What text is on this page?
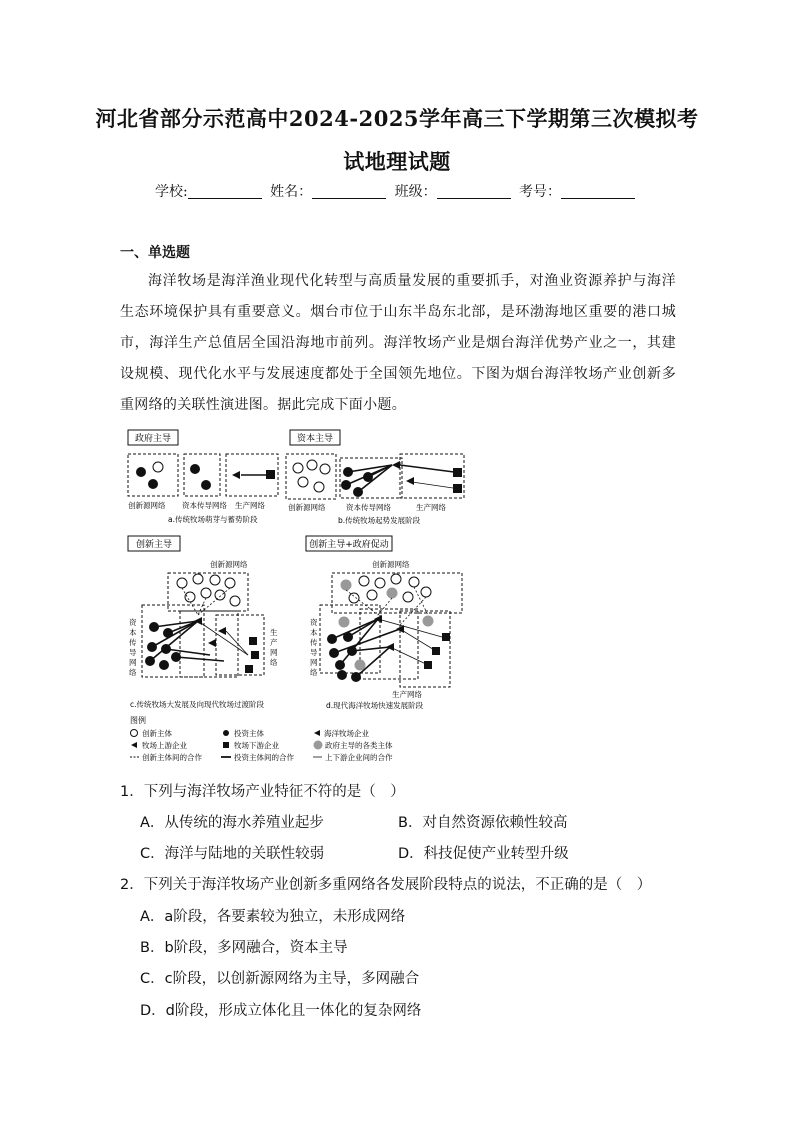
河北省部分示范高中2024-2025学年高三下学期第三次模拟考
试地理试题
学校:	姓名：	班级：	考号：
一、单选题
海洋牧场是海洋渔业现代化转型与高质量发展的重要抓手，对渔业资源养护与海洋生态环境保护具有重要意义。烟台市位于山东半岛东北部，是环渤海地区重要的港口城市，海洋生产总值居全国沿海地市前列。海洋牧场产业是烟台海洋优势产业之一，其建设规模、现代化水平与发展速度都处于全国领先地位。下图为烟台海洋牧场产业创新多重网络的关联性演进图。据此完成下面小题。
政府主导
创新源网络 资本传导网络 生产网络
a.传统牧场萌芽与蓄势阶段
资本主导
创新源网络	资本传导网络	生产网络
b.传统牧场起势发展阶段
创新主导
创新源网络
资
本
传
导
网
络
生
产
网
络
c.传统牧场大发展及向现代牧场过渡阶段
创新主导+政府促动
创新源网络
资
本
传
导
网
络
生产网络
d.现代海洋牧场快速发展阶段
图例
创新主体	投资主体	海洋牧场企业
牧场上游企业	牧场下游企业	政府主导的各类主体
创新主体间的合作	投资主体间的合作	上下游企业间的合作
1．下列与海洋牧场产业特征不符的是（　）
A．从传统的海水养殖业起步	B．对自然资源依赖性较高
C．海洋与陆地的关联性较弱	D．科技促使产业转型升级
2．下列关于海洋牧场产业创新多重网络各发展阶段特点的说法，不正确的是（　）
A．a阶段，各要素较为独立，未形成网络
B．b阶段，多网融合，资本主导
C．c阶段，以创新源网络为主导，多网融合
D．d阶段，形成立体化且一体化的复杂网络
